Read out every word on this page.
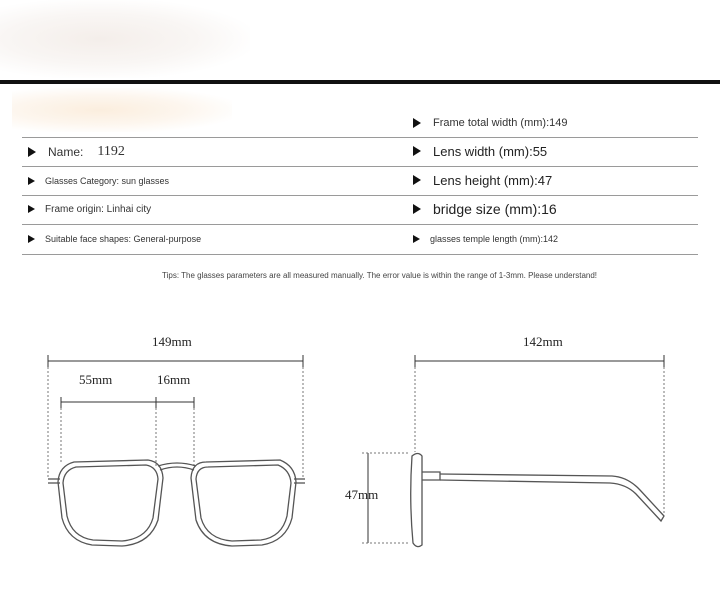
Frame total width (mm):149
Lens width (mm):55
Lens height (mm):47
bridge size (mm):16
glasses temple length (mm):142
Name: 1192
Glasses Category: sun glasses
Frame origin: Linhai city
Suitable face shapes: General-purpose
Tips: The glasses parameters are all measured manually. The error value is within the range of 1-3mm. Please understand!
149mm
55mm	16mm
142mm
47mm
